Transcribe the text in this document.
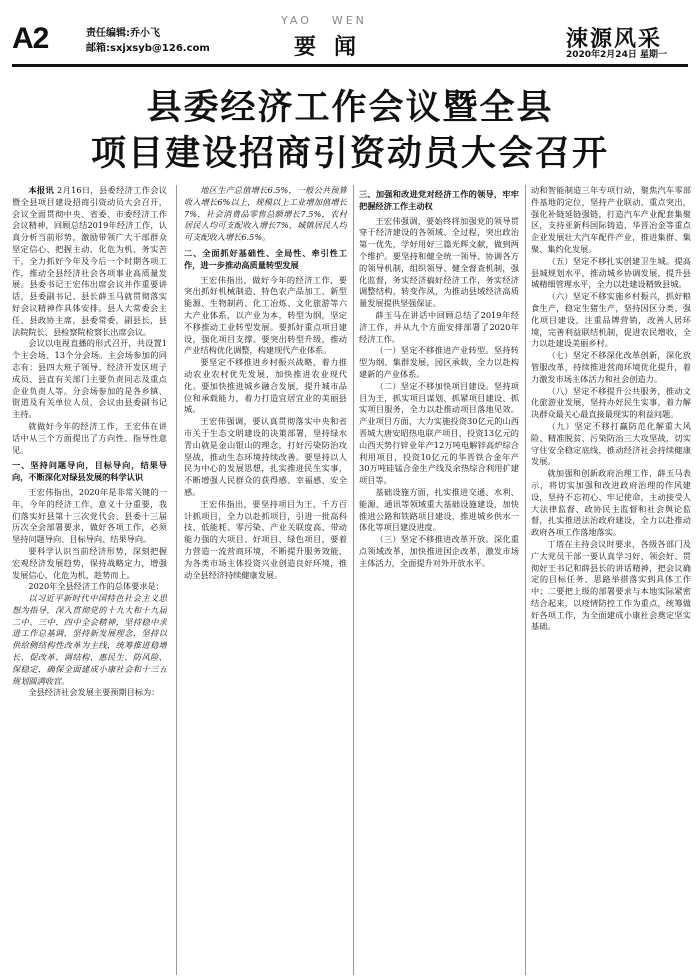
A2	责任编辑:乔小飞
邮箱:sxjxsyb@126.com
YAO WEN
要闻	涑源风采
2020年2月24日 星期一
县委经济工作会议暨全县
项目建设招商引资动员大会召开

本报讯 2月16日，县委经济工作会议暨全县项目建设招商引资动员大会召开，会议全面贯彻中央、省委、市委经济工作会议精神，回顾总结2019年经济工作，认真分析当前形势，激励带领广大干部群众坚定信心、把握主动、化危为机、务实苦干，全力抓好今年及今后一个时期各项工作，推动全县经济社会各项事业高质量发展。县委书记王宏伟出席会议并作重要讲话，县委副书记、县长薛玉马就贯彻落实好会议精神作具体安排。县人大常委会主任、县政协主席，县委常委，副县长，县法院院长、县检察院检察长出席会议。

会议以电视直播的形式召开，共设置1个主会场、13个分会场。主会场参加的同志有：县四大班子领导、经济开发区班子成员、县直有关部门主要负责同志及重点企业负责人等。分会场参加的是各乡镇、街道及有关单位人员，会议由县委副书记主持。

就做好今年的经济工作，王宏伟在讲话中从三个方面提出了方向性、指导性意见。

一、坚持问题导向，目标导向，结果导向，不断深化对绿县发展的科学认识

王宏伟指出，2020年是非常关键的一年，今年的经济工作，意义十分重要，我们落实好县第十三次党代会、县委十三届历次全会部署要求，做好各项工作，必须坚持问题导向、目标导向、结果导向。

要科学认识当前经济形势，深刻把握宏观经济发展趋势，保持战略定力，增强发展信心，化危为机，趁势而上。

2020年全县经济工作的总体要求是：

以习近平新时代中国特色社会主义思想为指导，深入贯彻党的十九大和十九届二中、三中、四中全会精神，坚持稳中求进工作总基调，坚持新发展理念，坚持以供给侧结构性改革为主线，统筹推进稳增长、促改革、调结构、惠民生、防风险、保稳定，确保全面建成小康社会和十三五规划圆满收官。

全县经济社会发展主要预期目标为：

地区生产总值增长6.5%，一般公共预算收入增长6%以上，规模以上工业增加值增长7%，社会消费品零售总额增长7.5%，农村居民人均可支配收入增长7%，城镇居民人均可支配收入增长6.5%。

二、全面抓好基础性、全局性、牵引性工作，进一步推动高质量转型发展

王宏伟指出，做好今年的经济工作，要突出抓好机械制造、特色农产品加工、新型能源、生物制药、化工冶炼、文化旅游等六大产业体系，以产业为本，转型为纲，坚定不移推动工业转型发展。要抓好重点项目建设，强化项目支撑。要突出转型升级，推动产业结构优化调整，构建现代产业体系。

要坚定不移推进乡村振兴战略，着力推动农业农村优先发展，加快推进农业现代化。要加快推进城乡融合发展，提升城市品位和承载能力，着力打造宜居宜业的美丽县城。

王宏伟强调，要认真贯彻落实中央和省市关于生态文明建设的决策部署，坚持绿水青山就是金山银山的理念，打好污染防治攻坚战，推动生态环境持续改善。要坚持以人民为中心的发展思想，扎实推进民生实事，不断增强人民群众的获得感、幸福感、安全感。

王宏伟指出，要坚持项目为王，千方百计抓项目，全力以赴抓项目，引进一批高科技、低能耗、零污染、产业关联度高、带动能力强的大项目、好项目、绿色项目，要着力营造一流营商环境，不断提升服务效能，为各类市场主体投资兴业创造良好环境，推动全县经济持续健康发展。

三、加强和改进党对经济工作的领导，牢牢把握经济工作主动权

王宏伟强调，要始终将加强党的领导贯穿于经济建设的各领域、全过程，突出政治第一优先，学好用好三篇光辉文献，做到两个维护。要坚持和健全统一领导、协调各方的领导机制，组织领导、健全督查机制，强化监督，务实经济搞好经济工作，务实经济调整结构，转变作风，为推动县域经济高质量发展提供坚强保证。

薛玉马在讲话中回顾总结了2019年经济工作，并从九个方面安排部署了2020年经济工作。

（一）坚定不移推进产业转型。坚持转型为纲、集群发展，园区承载、全力以赴构建新的产业体系。

（二）坚定不移加快项目建设。坚持项目为王，抓实项目谋划、抓紧项目建设、抓实项目服务，全力以赴推动项目落地见效。产业项目方面，大力实施投资30亿元的山西晋城大唐安昭热电联产项目，投资13亿元的山西天势行锌业年产12万吨电解锌高炉综合利用项目，投资10亿元的华晋铁合金年产30万吨硅锰合金生产线及余热综合利用扩建项目等。

基础设施方面，扎实推进交通、水利、能源、通讯等领域重大基础设施建设，加快推进公路和铁路项目建设，推进城乡供水一体化等项目建设进度。

（三）坚定不移推进改革开放。深化重点领域改革，加快推进国企改革，激发市场主体活力，全面提升对外开放水平。

动和智能制造三年专项行动，聚焦汽车零部件基地的定位，坚持产业联动、重点突出，强化补链延链强链，打造汽车产业配套集聚区，支持亚新科国际铸造、华晋冶金等重点企业发展壮大汽车配件产业，推进集群、集聚、集约化发展。

（五）坚定不移扎实创建卫生城。提高县城规划水平，推动城乡协调发展，提升县城精细管理水平，全力以赴建设精致县城。

（六）坚定不移实施乡村振兴，抓好粮食生产，稳定生猪生产，坚持因区分类、强化项目建设，注重品牌营销，改善人居环境，完善利益联结机制，促进农民增收，全力以赴建设美丽乡村。

（七）坚定不移深化改革创新，深化放管服改革，持续推进营商环境优化提升，着力激发市场主体活力和社会创造力。

（八）坚定不移提升公共服务，推动文化旅游业发展，坚持办好民生实事，着力解决群众最关心最直接最现实的利益问题。

（九）坚定不移打赢防范化解重大风险、精准脱贫、污染防治三大攻坚战，切实守住安全稳定底线，推动经济社会持续健康发展。

就加强和创新政府治理工作，薛玉马表示，将切实加强和改进政府治理的作风建设，坚持不忘初心、牢记使命，主动接受人大法律监督、政协民主监督和社会舆论监督，扎实推进法治政府建设，全力以赴推动政府各项工作落地落实。

丁塔在主持会议时要求，各级各部门及广大党员干部一要认真学习好、领会好、贯彻好王书记和薛县长的讲话精神，把会议确定的目标任务、思路举措落实到具体工作中；二要把上级的部署要求与本地实际紧密结合起来，以疫情防控工作为重点，统筹做好各项工作，为全面建成小康社会奠定坚实基础。
